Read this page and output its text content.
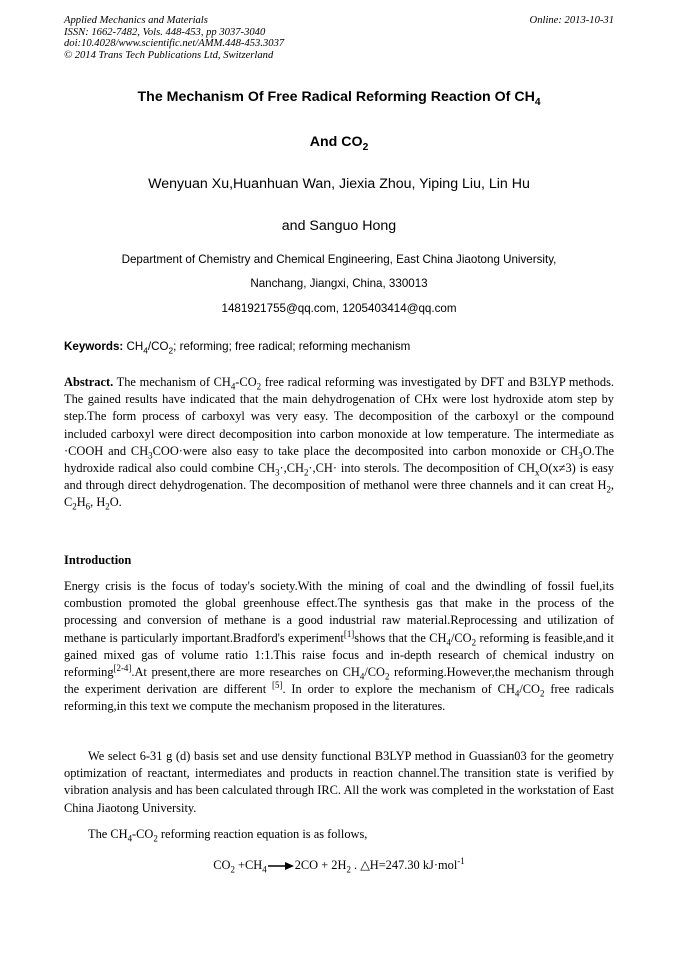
Applied Mechanics and Materials
ISSN: 1662-7482, Vols. 448-453, pp 3037-3040
doi:10.4028/www.scientific.net/AMM.448-453.3037
© 2014 Trans Tech Publications Ltd, Switzerland
Online: 2013-10-31
The Mechanism Of Free Radical Reforming Reaction Of $CH_4$
And $CO_2$
Wenyuan Xu,Huanhuan Wan, Jiexia Zhou, Yiping Liu, Lin Hu
and Sanguo Hong
Department of Chemistry and Chemical Engineering, East China Jiaotong University,
Nanchang, Jiangxi, China, 330013
1481921755@qq.com, 1205403414@qq.com
Keywords: $CH_4/CO_2$; reforming; free radical; reforming mechanism
Abstract. The mechanism of $CH_4-CO_2$ free radical reforming was investigated by DFT and B3LYP methods. The gained results have indicated that the main dehydrogenation of CHx were lost hydroxide atom step by step.The form process of carboxyl was very easy. The decomposition of the carboxyl or the compound included carboxyl were direct decomposition into carbon monoxide at low temperature. The intermediate as ·COOH and $CH_3COO\cdot were$ also easy to take place the decomposited into carbon monoxide or $CH_3O.The$ hydroxide radical also could combine $CH_3\cdot,CH_2\cdot,CH\cdot$ into sterols. The decomposition of $CH_xO(x\ne 3)$ is easy and through direct dehydrogenation. The decomposition of methanol were three channels and it can creat $H_2$, $C_2H_6$, $H_2O$.
Introduction
Energy crisis is the focus of today's society.With the mining of coal and the dwindling of fossil fuel,its combustion promoted the global greenhouse effect.The synthesis gas that make in the process of the processing and conversion of methane is a good industrial raw material.Reprocessing and utilization of methane is particularly important.Bradford's experiment[1]shows that the $CH_4/CO_2$ reforming is feasible,and it gained mixed gas of volume ratio 1:1.This raise focus and in-depth research of chemical industry on reforming[2-4].At present,there are more researches on $CH_4/CO_2$ reforming.However,the mechanism through the experiment derivation are different [5]. In order to explore the mechanism of $CH_4/CO_2$ free radicals reforming,in this text we compute the mechanism proposed in the literatures.
We select 6-31 g (d) basis set and use density functional B3LYP method in Guassian03 for the geometry optimization of reactant, intermediates and products in reaction channel.The transition state is verified by vibration analysis and has been calculated through IRC. All the work was completed in the workstation of East China Jiaotong University.
The $CH_4-CO_2$ reforming reaction equation is as follows,
$CO_2 +CH_4\to 2CO + 2H_2$ . △H=247.30 kJ·mol$^{-1}$
